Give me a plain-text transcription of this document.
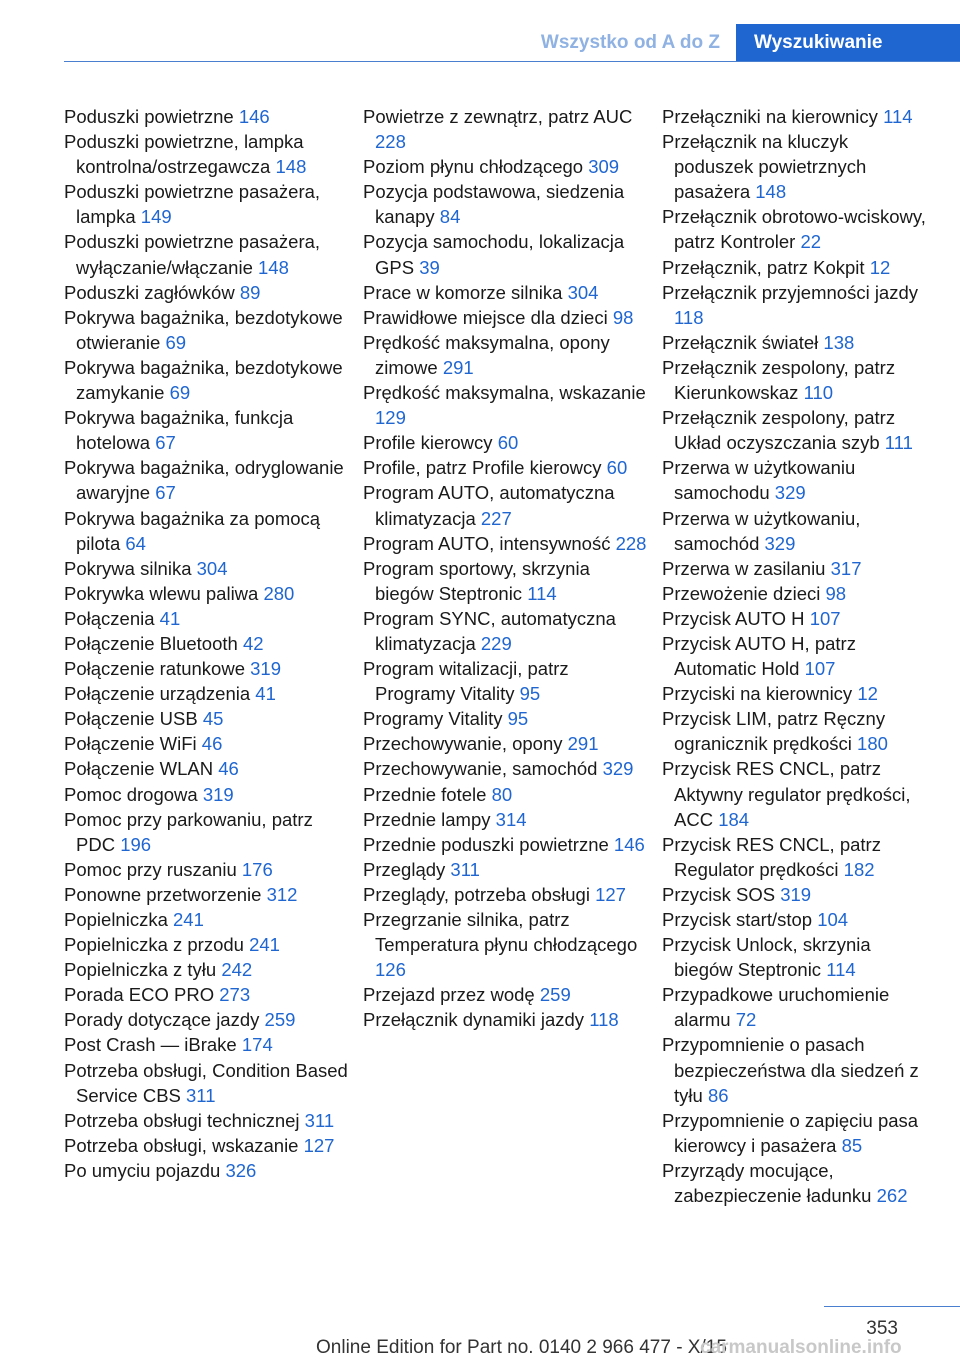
Wszystko od A do Z	Wyszukiwanie
Poduszki powietrzne 146
Poduszki powietrzne, lampka kontrolna/ostrzegawcza 148
Poduszki powietrzne pasażera, lampka 149
Poduszki powietrzne pasażera, wyłączanie/włączanie 148
Poduszki zagłówków 89
Pokrywa bagażnika, bezdotykowe otwieranie 69
Pokrywa bagażnika, bezdotykowe zamykanie 69
Pokrywa bagażnika, funkcja hotelowa 67
Pokrywa bagażnika, odryglowanie awaryjne 67
Pokrywa bagażnika za pomocą pilota 64
Pokrywa silnika 304
Pokrywka wlewu paliwa 280
Połączenia 41
Połączenie Bluetooth 42
Połączenie ratunkowe 319
Połączenie urządzenia 41
Połączenie USB 45
Połączenie WiFi 46
Połączenie WLAN 46
Pomoc drogowa 319
Pomoc przy parkowaniu, patrz PDC 196
Pomoc przy ruszaniu 176
Ponowne przetworzenie 312
Popielniczka 241
Popielniczka z przodu 241
Popielniczka z tyłu 242
Porada ECO PRO 273
Porady dotyczące jazdy 259
Post Crash — iBrake 174
Potrzeba obsługi, Condition Based Service CBS 311
Potrzeba obsługi technicznej 311
Potrzeba obsługi, wskazanie 127
Po umyciu pojazdu 326
Powietrze z zewnątrz, patrz AUC 228
Poziom płynu chłodzącego 309
Pozycja podstawowa, siedzenia kanapy 84
Pozycja samochodu, lokalizacja GPS 39
Prace w komorze silnika 304
Prawidłowe miejsce dla dzieci 98
Prędkość maksymalna, opony zimowe 291
Prędkość maksymalna, wskazanie 129
Profile kierowcy 60
Profile, patrz Profile kierowcy 60
Program AUTO, automatyczna klimatyzacja 227
Program AUTO, intensywność 228
Program sportowy, skrzynia biegów Steptronic 114
Program SYNC, automatyczna klimatyzacja 229
Program witalizacji, patrz Programy Vitality 95
Programy Vitality 95
Przechowywanie, opony 291
Przechowywanie, samochód 329
Przednie fotele 80
Przednie lampy 314
Przednie poduszki powietrzne 146
Przeglądy 311
Przeglądy, potrzeba obsługi 127
Przegrzanie silnika, patrz Temperatura płynu chłodzącego 126
Przejazd przez wodę 259
Przełącznik dynamiki jazdy 118
Przełączniki na kierownicy 114
Przełącznik na kluczyk poduszek powietrznych pasażera 148
Przełącznik obrotowo-wciskowy, patrz Kontroler 22
Przełącznik, patrz Kokpit 12
Przełącznik przyjemności jazdy 118
Przełącznik świateł 138
Przełącznik zespolony, patrz Kierunkowskaz 110
Przełącznik zespolony, patrz Układ oczyszczania szyb 111
Przerwa w użytkowaniu samochodu 329
Przerwa w użytkowaniu, samochód 329
Przerwa w zasilaniu 317
Przewożenie dzieci 98
Przycisk AUTO H 107
Przycisk AUTO H, patrz Automatic Hold 107
Przyciski na kierownicy 12
Przycisk LIM, patrz Ręczny ogranicznik prędkości 180
Przycisk RES CNCL, patrz Aktywny regulator prędkości, ACC 184
Przycisk RES CNCL, patrz Regulator prędkości 182
Przycisk SOS 319
Przycisk start/stop 104
Przycisk Unlock, skrzynia biegów Steptronic 114
Przypadkowe uruchomienie alarmu 72
Przypomnienie o pasach bezpieczeństwa dla siedzeń z tyłu 86
Przypomnienie o zapięciu pasa kierowcy i pasażera 85
Przyrządy mocujące, zabezpieczenie ładunku 262
353
Online Edition for Part no. 0140 2 966 477 - X/15
carmanualsonline.info
